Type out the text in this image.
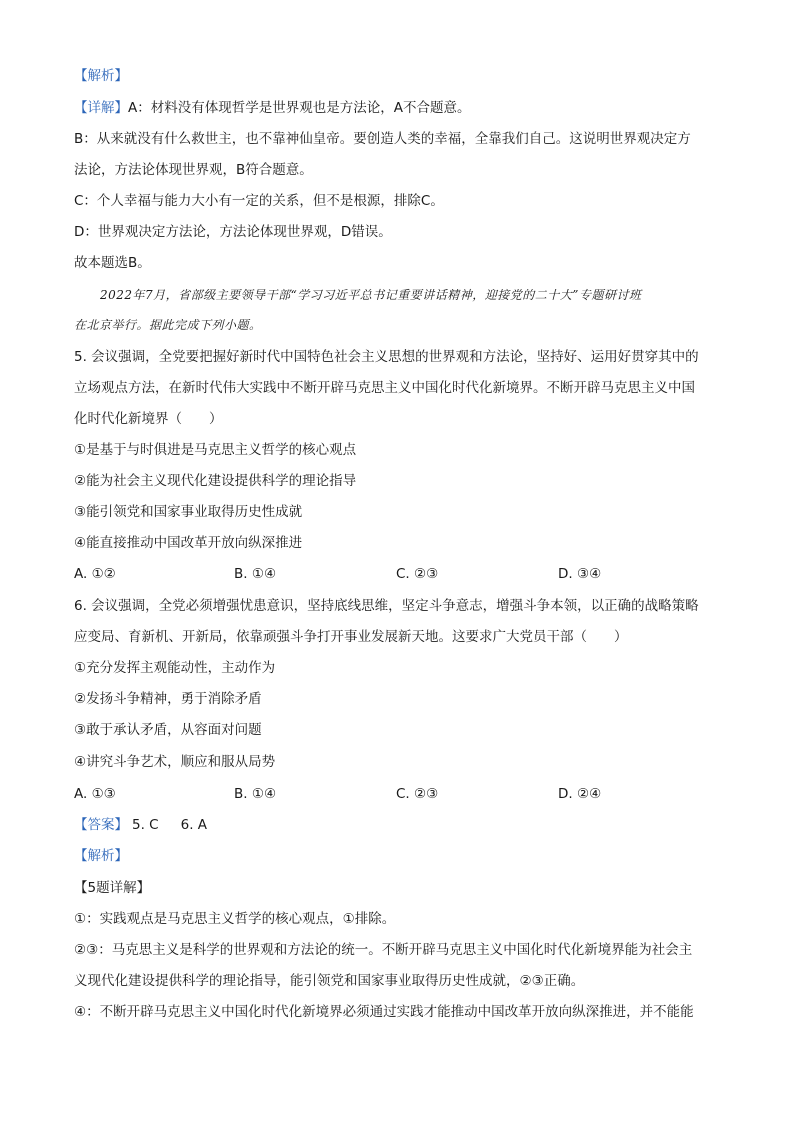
【解析】
【详解】A：材料没有体现哲学是世界观也是方法论，A不合题意。
B：从来就没有什么救世主，也不靠神仙皇帝。要创造人类的幸福，全靠我们自己。这说明世界观决定方
法论，方法论体现世界观，B符合题意。
C：个人幸福与能力大小有一定的关系，但不是根源，排除C。
D：世界观决定方法论，方法论体现世界观，D错误。
故本题选B。
2022年7月，省部级主要领导干部“学习习近平总书记重要讲话精神，迎接党的二十大”专题研讨班
在北京举行。据此完成下列小题。
5. 会议强调，全党要把握好新时代中国特色社会主义思想的世界观和方法论，坚持好、运用好贯穿其中的
立场观点方法，在新时代伟大实践中不断开辟马克思主义中国化时代化新境界。不断开辟马克思主义中国
化时代化新境界（　　）
①是基于与时俱进是马克思主义哲学的核心观点
②能为社会主义现代化建设提供科学的理论指导
③能引领党和国家事业取得历史性成就
④能直接推动中国改革开放向纵深推进
A. ①②	B. ①④	C. ②③	D. ③④
6. 会议强调，全党必须增强忧患意识，坚持底线思维，坚定斗争意志，增强斗争本领，以正确的战略策略
应变局、育新机、开新局，依靠顽强斗争打开事业发展新天地。这要求广大党员干部（　　）
①充分发挥主观能动性，主动作为
②发扬斗争精神，勇于消除矛盾
③敢于承认矛盾，从容面对问题
④讲究斗争艺术，顺应和服从局势
A. ①③	B. ①④	C. ②③	D. ②④
【答案】 5. C 6. A
【解析】
【5题详解】
①：实践观点是马克思主义哲学的核心观点，①排除。
②③：马克思主义是科学的世界观和方法论的统一。不断开辟马克思主义中国化时代化新境界能为社会主
义现代化建设提供科学的理论指导，能引领党和国家事业取得历史性成就，②③正确。
④：不断开辟马克思主义中国化时代化新境界必须通过实践才能推动中国改革开放向纵深推进，并不能能
